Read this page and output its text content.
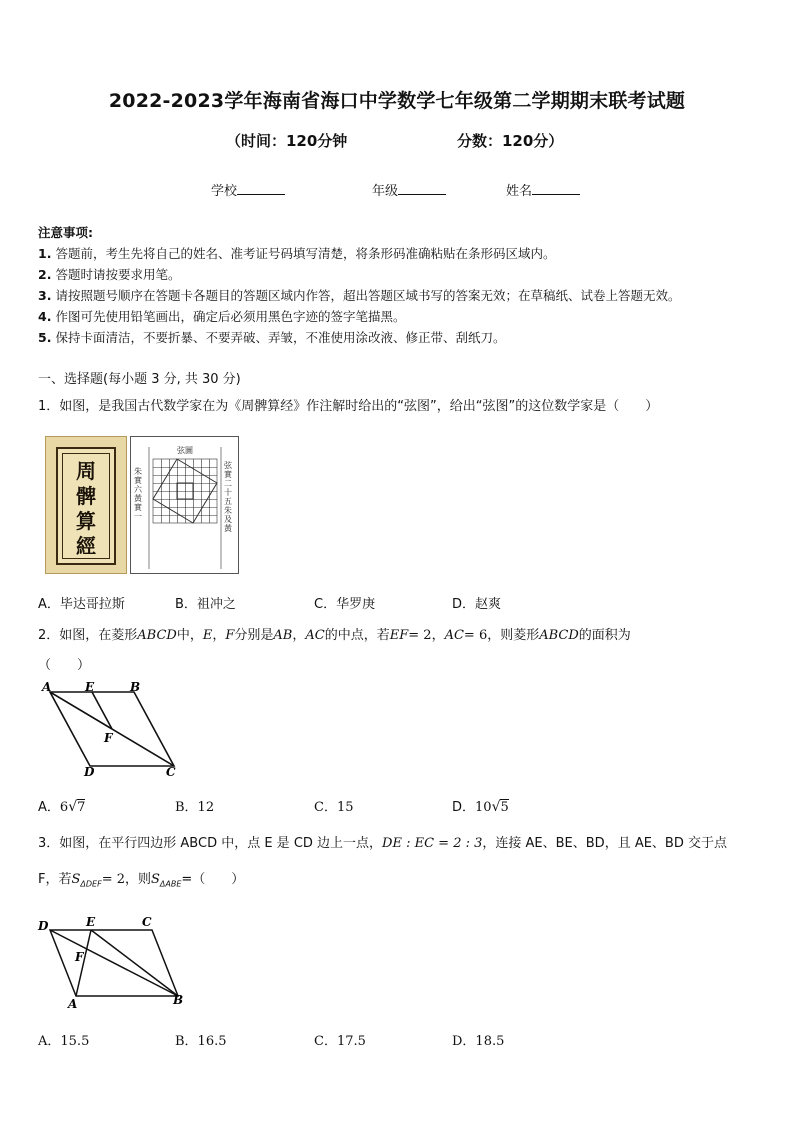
2022-2023学年海南省海口中学数学七年级第二学期期末联考试题
（时间：120分钟	分数：120分）
学校	年级	姓名
注意事项:
1. 答题前，考生先将自己的姓名、准考证号码填写清楚，将条形码准确粘贴在条形码区域内。
2. 答题时请按要求用笔。
3. 请按照题号顺序在答题卡各题目的答题区域内作答，超出答题区域书写的答案无效；在草稿纸、试卷上答题无效。
4. 作图可先使用铅笔画出，确定后必须用黑色字迹的签字笔描黑。
5. 保持卡面清洁，不要折暴、不要弄破、弄皱，不准使用涂改液、修正带、刮纸刀。
一、选择题(每小题 3 分, 共 30 分)
1．如图，是我国古代数学家在为《周髀算经》作注解时给出的“弦图”，给出“弦图”的这位数学家是（　　）
周
髀
算
經
弦圖
朱實六黃實一
弦實二十五朱及黃
A．毕达哥拉斯	B．祖冲之	C．华罗庚	D．赵爽
2．如图，在菱形ABCD中，E，F分别是AB，AC的中点，若EF= 2，AC= 6，则菱形ABCD的面积为
（　　）
A	E	B
F
D	C
A．6√7	B．12	C．15	D．10√5
3．如图，在平行四边形 ABCD 中，点 E 是 CD 边上一点，DE : EC = 2 : 3，连接 AE、BE、BD，且 AE、BD 交于点
F，若$S_{\Delta DEF}= 2$，则$S_{\Delta ABE}=$（　　）
D	E	C
F
A	B
A．15.5	B．16.5	C．17.5	D．18.5
